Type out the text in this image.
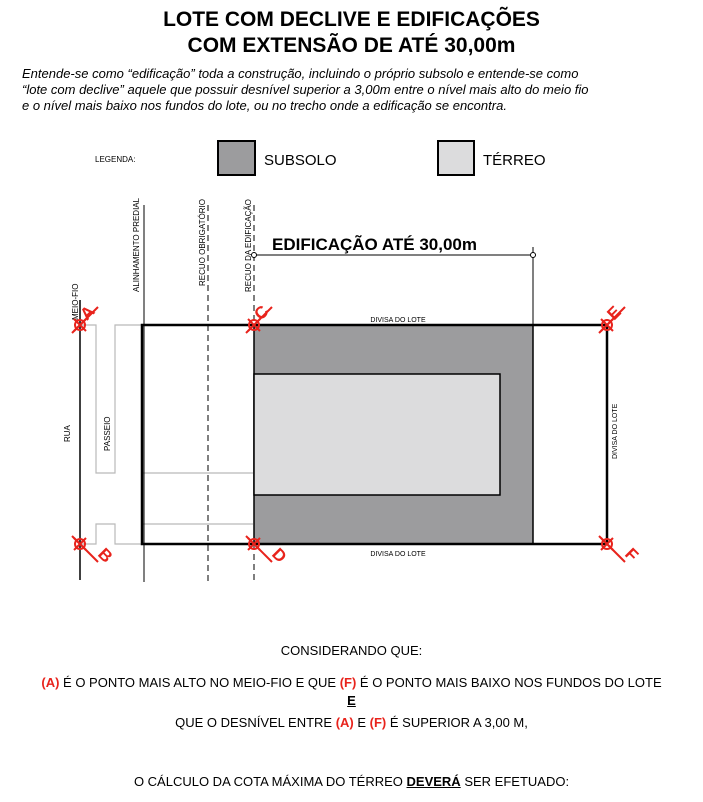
LOTE COM DECLIVE E EDIFICAÇÕES
COM EXTENSÃO DE ATÉ 30,00m
Entende-se como “edificação” toda a construção, incluindo o próprio subsolo e entende-se como
“lote com declive” aquele que possuir desnível superior a 3,00m entre o nível mais alto do meio fio
e o nível mais baixo nos fundos do lote, ou no trecho onde a edificação se encontra.
LEGENDA:	SUBSOLO	TÉRREO
EDIFICAÇÃO ATÉ 30,00m
ALINHAMENTO PREDIAL	RECUO OBRIGATÓRIO	RECUO DA EDIFICAÇÃO
MEIO-FIO
RUA	PASSEIO	DIVISA DO LOTE
DIVISA DO LOTE
DIVISA DO LOTE
A
B
C
D
E
F
CONSIDERANDO QUE:
(A) É O PONTO MAIS ALTO NO MEIO-FIO E QUE (F) É O PONTO MAIS BAIXO NOS FUNDOS DO LOTE
E
QUE O DESNÍVEL ENTRE (A) E (F) É SUPERIOR A 3,00 M,
O CÁLCULO DA COTA MÁXIMA DO TÉRREO DEVERÁ SER EFETUADO:
